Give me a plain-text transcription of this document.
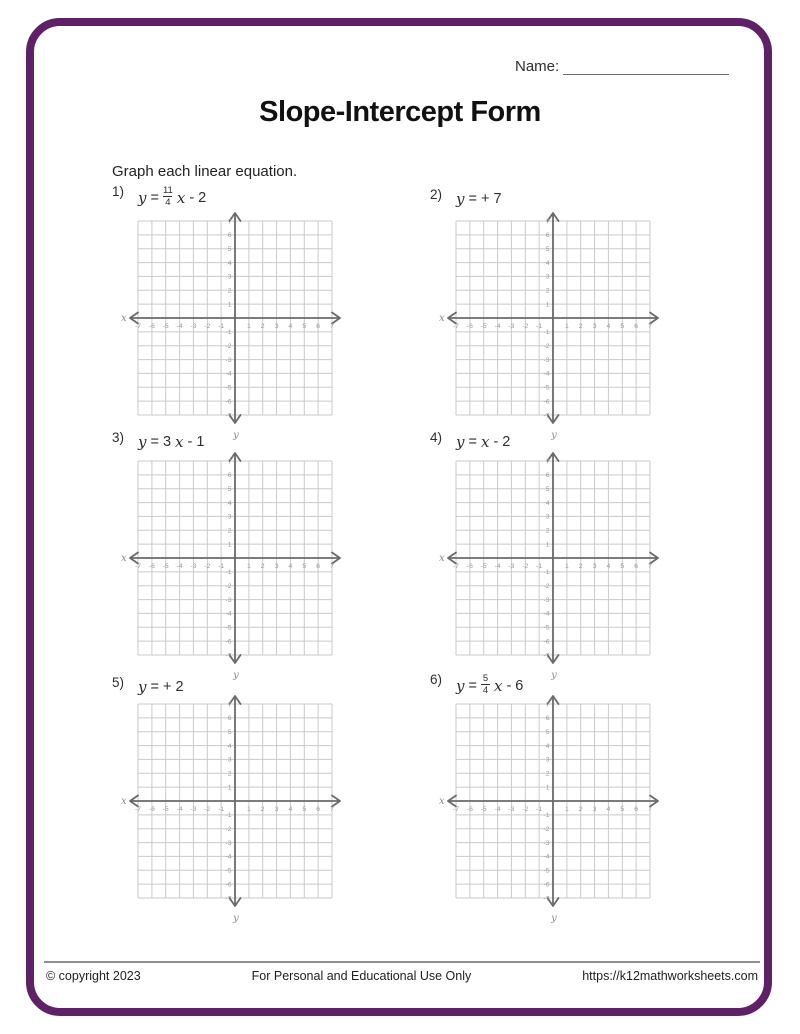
Name:
Slope-Intercept Form

Graph each linear equation.

1) $y = \frac{11}{4}$ x - 2
-7 -6 -5 -4 -3 -2 -1	1 2 3 4 5 6 7
-7
-6
-5
-4
-3
-2
-1
1
2
3
4
5
6
7
x
y
2) y = + 7
-7 -6 -5 -4 -3 -2 -1	1 2 3 4 5 6 7
-7
-6
-5
-4
-3
-2
-1
1
2
3
4
5
6
7
x
y
3) y = 3 x - 1
-7 -6 -5 -4 -3 -2 -1	1 2 3 4 5 6 7
-7
-6
-5
-4
-3
-2
-1
1
2
3
4
5
6
7
x
y
4) y = x - 2
-7 -6 -5 -4 -3 -2 -1	1 2 3 4 5 6 7
-7
-6
-5
-4
-3
-2
-1
1
2
3
4
5
6
7
x
y
5) y = + 2
-7 -6 -5 -4 -3 -2 -1	1 2 3 4 5 6 7
-7
-6
-5
-4
-3
-2
-1
1
2
3
4
5
6
7
x
y
6) $y = \frac{5}{4}$ x - 6
-7 -6 -5 -4 -3 -2 -1	1 2 3 4 5 6 7
-7
-6
-5
-4
-3
-2
-1
1
2
3
4
5
6
7
x
y
© copyright 2023	For Personal and Educational Use Only	https://k12mathworksheets.com
